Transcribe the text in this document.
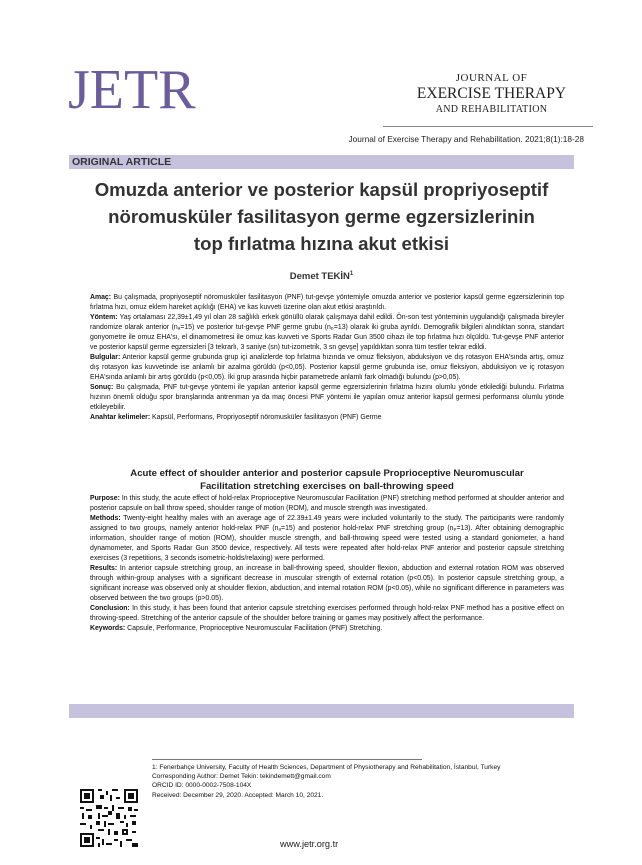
JETR	JOURNAL OF
EXERCISE THERAPY
AND REHABILITATION
Journal of Exercise Therapy and Rehabilitation. 2021;8(1):18-28
ORIGINAL ARTICLE
Omuzda anterior ve posterior kapsül propriyoseptif
nöromusküler fasilitasyon germe egzersizlerinin
top fırlatma hızına akut etkisi
Demet TEKİN$^1$

Amaç: Bu çalışmada, propriyoseptif nöromusküler fasilitasyon (PNF) tut-gevşe yöntemiyle omuzda anterior ve posterior kapsül germe egzersizlerinin top fırlatma hızı, omuz eklem hareket açıklığı (EHA) ve kas kuvveti üzerine olan akut etkisi araştırıldı.

Yöntem: Yaş ortalaması 22,39±1,49 yıl olan 28 sağlıklı erkek gönüllü olarak çalışmaya dahil edildi. Ön-son test yönteminin uygulandığı çalışmada bireyler randomize olarak anterior (nₐ=15) ve posterior tut-gevşe PNF germe grubu (nₚ=13) olarak iki gruba ayrıldı. Demografik bilgileri alındıktan sonra, standart gonyometre ile omuz EHA'sı, el dinamometresi ile omuz kas kuvveti ve Sports Radar Gun 3500 cihazı ile top fırlatma hızı ölçüldü. Tut-gevşe PNF anterior ve posterior kapsül germe egzersizleri [3 tekrarlı, 3 saniye (sn) tut-izometrik, 3 sn gevşe] yapıldıktan sonra tüm testler tekrar edildi.

Bulgular: Anterior kapsül germe grubunda grup içi analizlerde top fırlatma hızında ve omuz fleksiyon, abduksiyon ve dış rotasyon EHA'sında artış, omuz dış rotasyon kas kuvvetinde ise anlamlı bir azalma görüldü (p<0,05). Posterior kapsül germe grubunda ise, omuz fleksiyon, abduksiyon ve iç rotasyon EHA'sında anlamlı bir artış görüldü (p<0,05). İki grup arasında hiçbir parametrede anlamlı fark olmadığı bulundu (p>0,05).

Sonuç: Bu çalışmada, PNF tut-gevşe yöntemi ile yapılan anterior kapsül germe egzersizlerinin fırlatma hızını olumlu yönde etkilediği bulundu. Fırlatma hızının önemli olduğu spor branşlarında antrenman ya da maç öncesi PNF yöntemi ile yapılan omuz anterior kapsül germesi performansı olumlu yönde etkileyebilir.

Anahtar kelimeler: Kapsül, Performans, Propriyoseptif nöromusküler fasilitasyon (PNF) Germe

Acute effect of shoulder anterior and posterior capsule Proprioceptive Neuromuscular
Facilitation stretching exercises on ball-throwing speed

Purpose: In this study, the acute effect of hold-relax Proprioceptive Neuromuscular Facilitation (PNF) stretching method performed at shoulder anterior and posterior capsule on ball throw speed, shoulder range of motion (ROM), and muscle strength was investigated.

Methods: Twenty-eight healthy males with an average age of 22.39±1.49 years were included voluntarily to the study. The participants were randomly assigned to two groups, namely anterior hold-relax PNF (nₐ=15) and posterior hold-relax PNF stretching group (nₚ=13). After obtaining demographic information, shoulder range of motion (ROM), shoulder muscle strength, and ball-throwing speed were tested using a standard goniometer, a hand dynamometer, and Sports Radar Gun 3500 device, respectively. All tests were repeated after hold-relax PNF anterior and posterior capsule stretching exercises (3 repetitions, 3 seconds isometric-holds/relaxing) were performed.

Results: In anterior capsule stretching group, an increase in ball-throwing speed, shoulder flexion, abduction and external rotation ROM was observed through within-group analyses with a significant decrease in muscular strength of external rotation (p<0.05). In posterior capsule stretching group, a significant increase was observed only at shoulder flexion, abduction, and internal rotation ROM (p<0.05), while no significant difference in parameters was observed between the two groups (p>0.05).

Conclusion: In this study, it has been found that anterior capsule stretching exercises performed through hold-relax PNF method has a positive effect on throwing-speed. Stretching of the anterior capsule of the shoulder before training or games may positively affect the performance.

Keywords: Capsule, Performance, Proprioceptive Neuromuscular Facilitation (PNF) Stretching.

1: Fenerbahçe University, Faculty of Health Sciences, Department of Physiotherapy and Rehabilitation, İstanbul, Turkey
Corresponding Author: Demet Tekin: tekindemett@gmail.com
ORCID ID: 0000-0002-7508-104X
Received: December 29, 2020. Accepted: March 10, 2021.
www.jetr.org.tr
